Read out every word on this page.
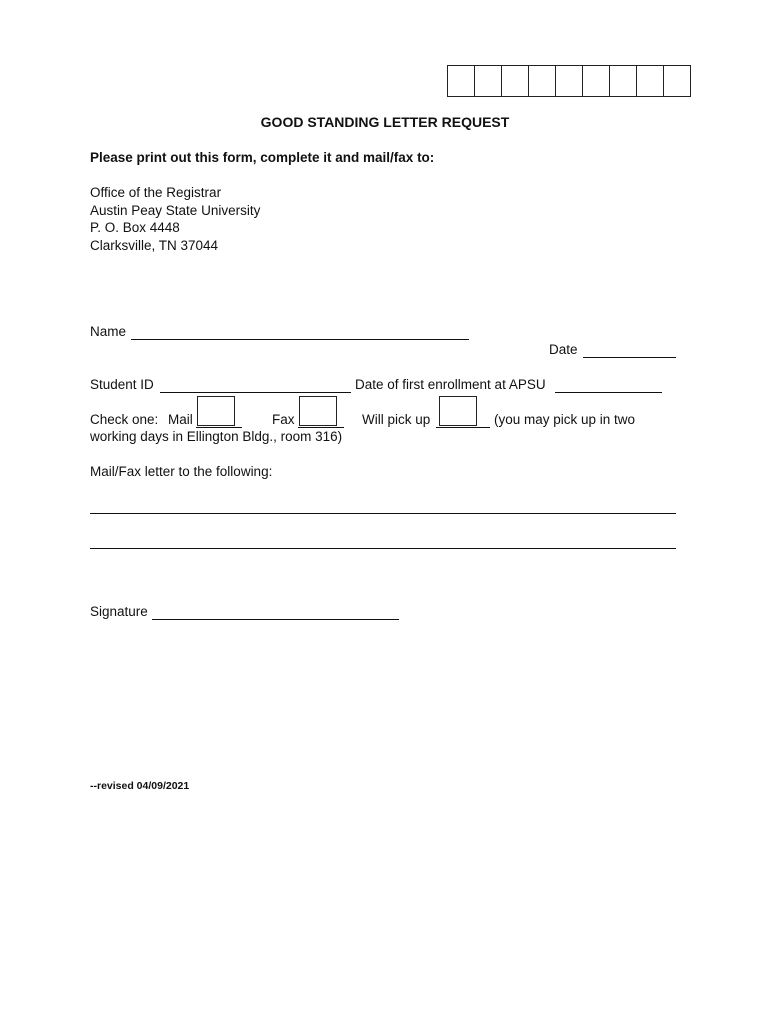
GOOD STANDING LETTER REQUEST
Please print out this form, complete it and mail/fax to:
Office of the Registrar
Austin Peay State University
P. O. Box 4448
Clarksville, TN 37044
Name
Date
Student ID	Date of first enrollment at APSU
Check one: Mail	Fax	Will pick up	(you may pick up in two
working days in Ellington Bldg., room 316)
Mail/Fax letter to the following:
Signature
--revised 04/09/2021
